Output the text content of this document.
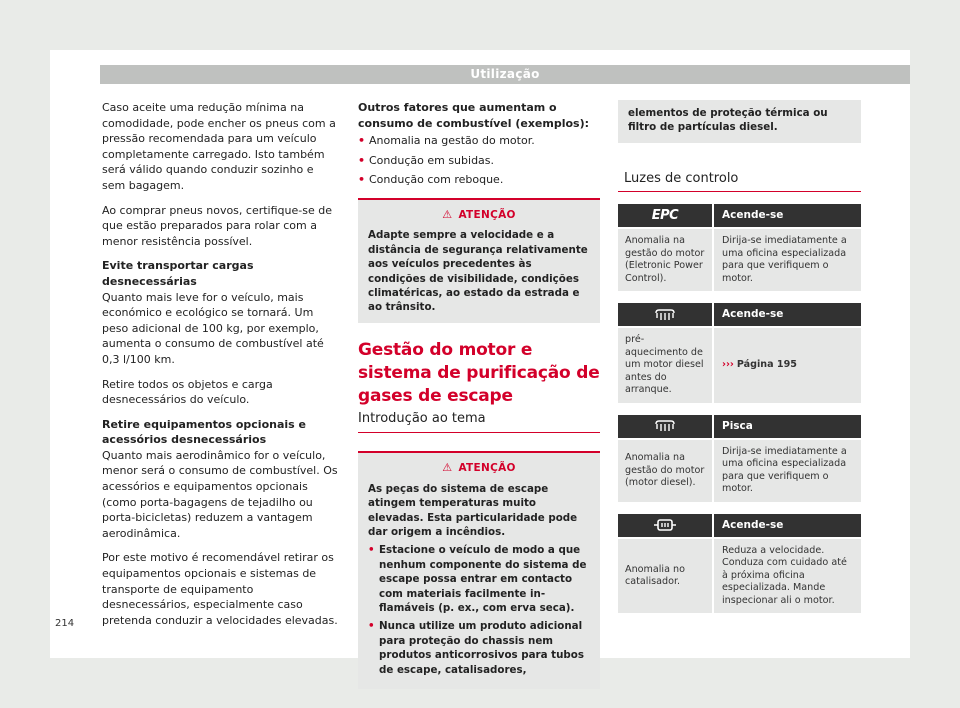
Utilização

Caso aceite uma redução mínima na comodidade, pode encher os pneus com a pressão recomendada para um veículo completamente carregado. Isto também será válido quando conduzir sozinho e sem bagagem.

Ao comprar pneus novos, certifique-se de que estão preparados para rolar com a menor resistência possível.

Evite transportar cargas desnecessárias

Quanto mais leve for o veículo, mais económico e ecológico se tornará. Um peso adicional de 100 kg, por exemplo, aumenta o consumo de combustível até 0,3 l/100 km.

Retire todos os objetos e carga desnecessários do veículo.

Retire equipamentos opcionais e acessórios desnecessários

Quanto mais aerodinâmico for o veículo, menor será o consumo de combustível. Os acessórios e equipamentos opcionais (como porta-bagagens de tejadilho ou porta-bicicletas) reduzem a vantagem aerodinâmica.

Por este motivo é recomendável retirar os equipamentos opcionais e sistemas de transporte de equipamento desnecessários, especialmente caso pretenda conduzir a velocidades elevadas.

Outros fatores que aumentam o consumo de combustível (exemplos):

• Anomalia na gestão do motor.
• Condução em subidas.
• Condução com reboque.
⚠ ATENÇÃO
Adapte sempre a velocidade e a distância de segurança relativamente aos veículos precedentes às condições de visibilidade, condições climatéricas, ao estado da estrada e ao trânsito.
Gestão do motor e sistema de purificação de gases de escape
Introdução ao tema
⚠ ATENÇÃO
As peças do sistema de escape atingem temperaturas muito elevadas. Esta particularidade pode dar origem a incêndios.
• Estacione o veículo de modo a que nenhum componente do sistema de escape possa entrar em contacto com materiais facilmente inflamáveis (p. ex., com erva seca).
• Nunca utilize um produto adicional para proteção do chassis nem produtos anticorrosivos para tubos de escape, catalisadores,
elementos de proteção térmica ou filtro de partículas diesel.
Luzes de controlo
EPC	Acende-se
Anomalia na gestão do motor (Eletronic Power Control).
Dirija-se imediatamente a uma oficina especializada para que verifiquem o motor.
Acende-se
pré-aquecimento de um motor diesel antes do arranque.
››› Página 195
Pisca
Anomalia na gestão do motor (motor diesel).
Dirija-se imediatamente a uma oficina especializada para que verifiquem o motor.
Acende-se
Anomalia no catalisador.
Reduza a velocidade. Conduza com cuidado até à próxima oficina especializada. Mande inspecionar ali o motor.
214
